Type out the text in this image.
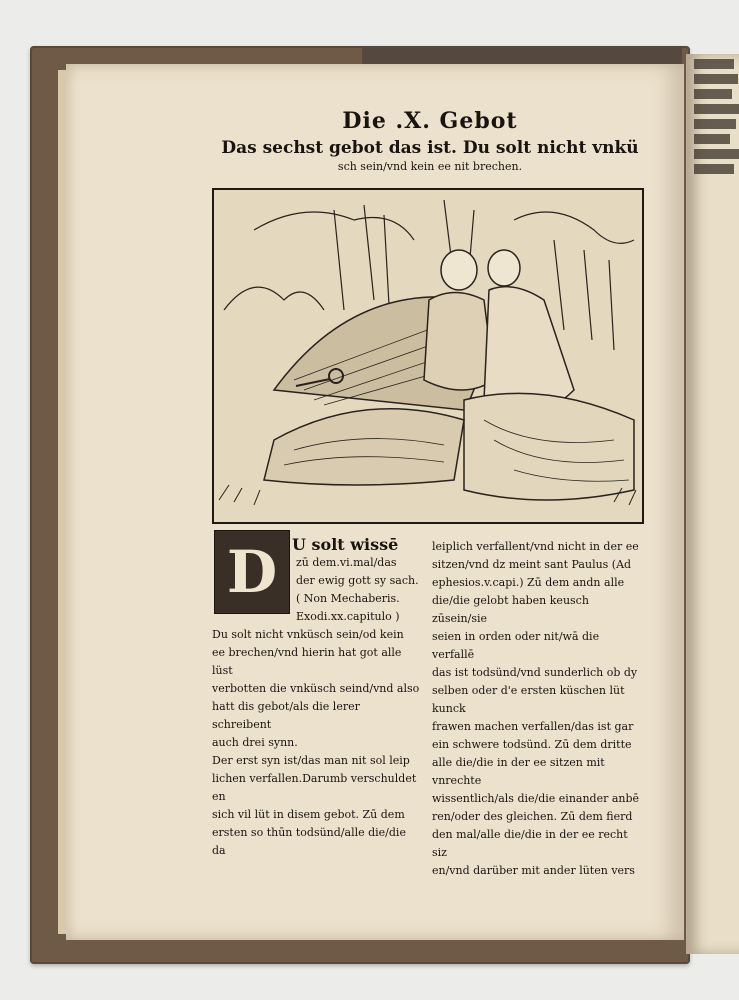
Die .X. Gebot
Das sechst gebot das ist. Du solt nicht vnkü
sch sein/vnd kein ee nit brechen.
D U solt wissē

zū dem.vi.mal/das

der ewig gott sy sach.

( Non Mechaberis.

Exodi.xx.capitulo )

Du solt nicht vnküsch sein/od kein

ee brechen/vnd hierin hat got alle lüst

verbotten die vnküsch seind/vnd also

hatt dis gebot/als die lerer schreibent

auch drei synn.

Der erst syn ist/das man nit sol leip

lichen verfallen.Darumb verschuldet en

sich vil lüt in disem gebot. Zū dem

ersten so thūn todsünd/alle die/die da

leiplich verfallent/vnd nicht in der ee

sitzen/vnd dz meint sant Paulus (Ad

ephesios.v.capi.) Zū dem andn alle

die/die gelobt haben keusch zūsein/sie

seien in orden oder nit/wā die verfallē

das ist todsünd/vnd sunderlich ob dy

selben oder d'e ersten küschen lüt kunck

frawen machen verfallen/das ist gar

ein schwere todsünd. Zū dem dritte

alle die/die in der ee sitzen mit vnrechte

wissentlich/als die/die einander anbē

ren/oder des gleichen. Zū dem fierd

den mal/alle die/die in der ee recht siz

en/vnd darüber mit ander lüten vers
